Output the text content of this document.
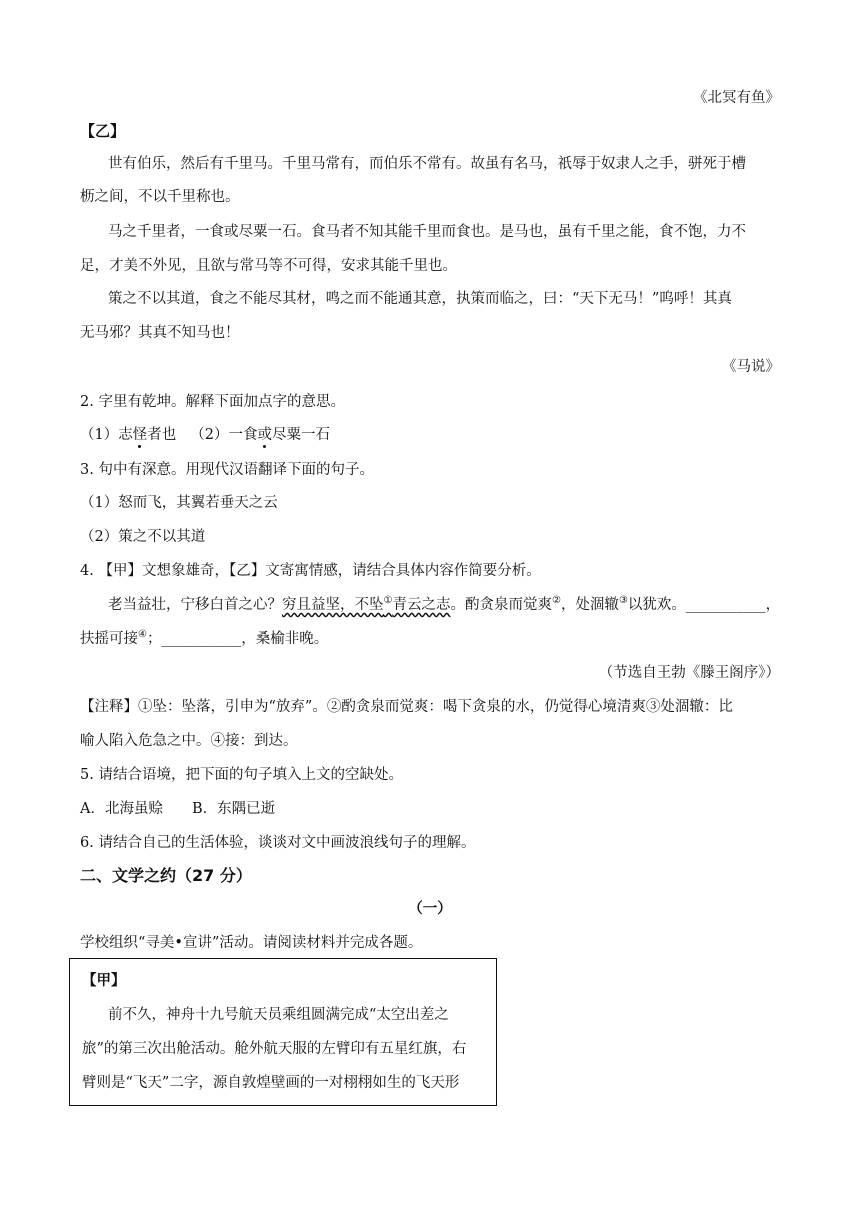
《北冥有鱼》
【乙】
世有伯乐，然后有千里马。千里马常有，而伯乐不常有。故虽有名马，祇辱于奴隶人之手，骈死于槽
枥之间，不以千里称也。
马之千里者，一食或尽粟一石。食马者不知其能千里而食也。是马也，虽有千里之能，食不饱，力不
足，才美不外见，且欲与常马等不可得，安求其能千里也。
策之不以其道，食之不能尽其材，鸣之而不能通其意，执策而临之，曰：“天下无马！”呜呼！其真
无马邪？其真不知马也！
《马说》
2. 字里有乾坤。解释下面加点字的意思。
（1）志怪者也 （2）一食或尽粟一石
3. 句中有深意。用现代汉语翻译下面的句子。
（1）怒而飞，其翼若垂天之云
（2）策之不以其道
4. 【甲】文想象雄奇，【乙】文寄寓情感，请结合具体内容作简要分析。
老当益壮，宁移白首之心？穷且益坚，不坠①青云之志。酌贪泉而觉爽②，处涸辙③以犹欢。___________，
扶摇可接④；___________，桑榆非晚。
（节选自王勃《滕王阁序》）
【注释】①坠：坠落，引申为“放弃”。②酌贪泉而觉爽：喝下贪泉的水，仍觉得心境清爽③处涸辙：比
喻人陷入危急之中。④接：到达。
5. 请结合语境，把下面的句子填入上文的空缺处。
A．北海虽赊　　B．东隅已逝
6. 请结合自己的生活体验，谈谈对文中画波浪线句子的理解。
二、文学之约（27 分）
（一）
学校组织“寻美•宣讲”活动。请阅读材料并完成各题。
【甲】
前不久，神舟十九号航天员乘组圆满完成“太空出差之
旅”的第三次出舱活动。舱外航天服的左臂印有五星红旗，右
臂则是“飞天”二字，源自敦煌壁画的一对栩栩如生的飞天形
